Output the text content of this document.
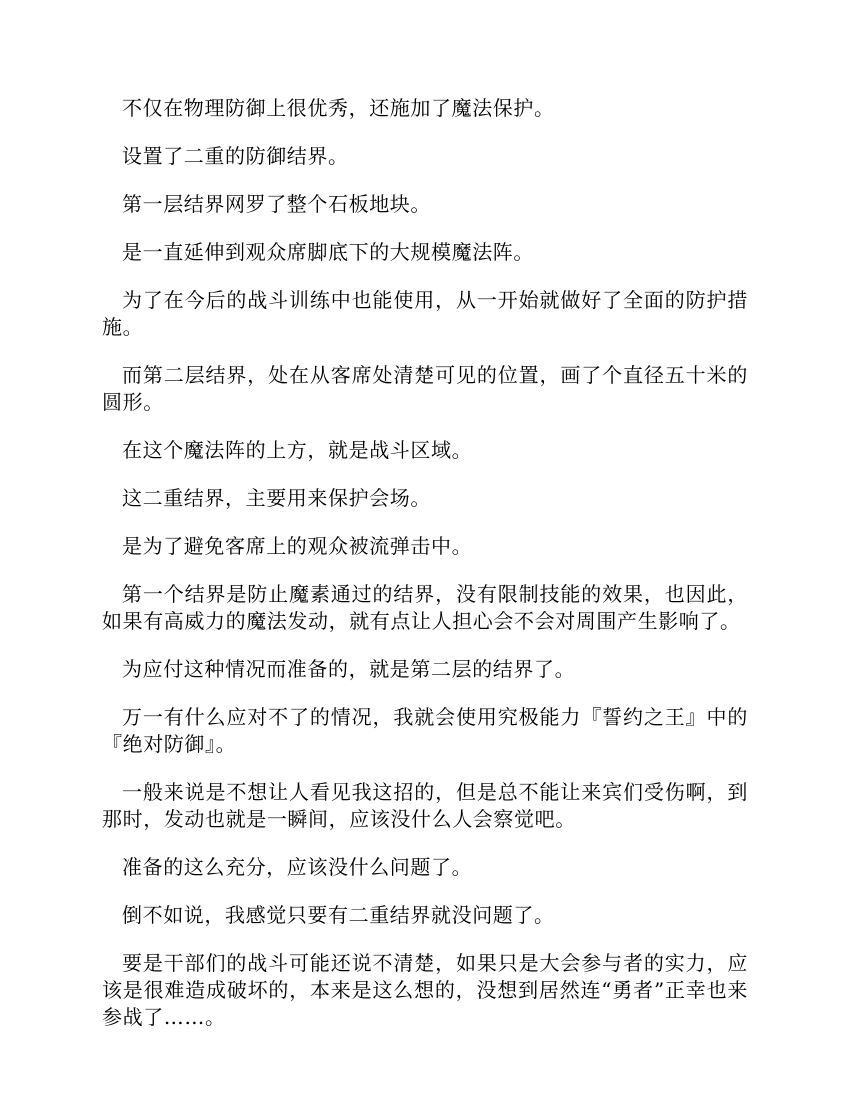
不仅在物理防御上很优秀，还施加了魔法保护。

设置了二重的防御结界。

第一层结界网罗了整个石板地块。

是一直延伸到观众席脚底下的大规模魔法阵。

为了在今后的战斗训练中也能使用，从一开始就做好了全面的防护措施。

而第二层结界，处在从客席处清楚可见的位置，画了个直径五十米的圆形。

在这个魔法阵的上方，就是战斗区域。

这二重结界，主要用来保护会场。

是为了避免客席上的观众被流弹击中。

第一个结界是防止魔素通过的结界，没有限制技能的效果，也因此，如果有高威力的魔法发动，就有点让人担心会不会对周围产生影响了。

为应付这种情况而准备的，就是第二层的结界了。

万一有什么应对不了的情况，我就会使用究极能力『誓约之王』中的『绝对防御』。

一般来说是不想让人看见我这招的，但是总不能让来宾们受伤啊，到那时，发动也就是一瞬间，应该没什么人会察觉吧。

准备的这么充分，应该没什么问题了。

倒不如说，我感觉只要有二重结界就没问题了。

要是干部们的战斗可能还说不清楚，如果只是大会参与者的实力，应该是很难造成破坏的，本来是这么想的，没想到居然连“勇者”正幸也来参战了……。
